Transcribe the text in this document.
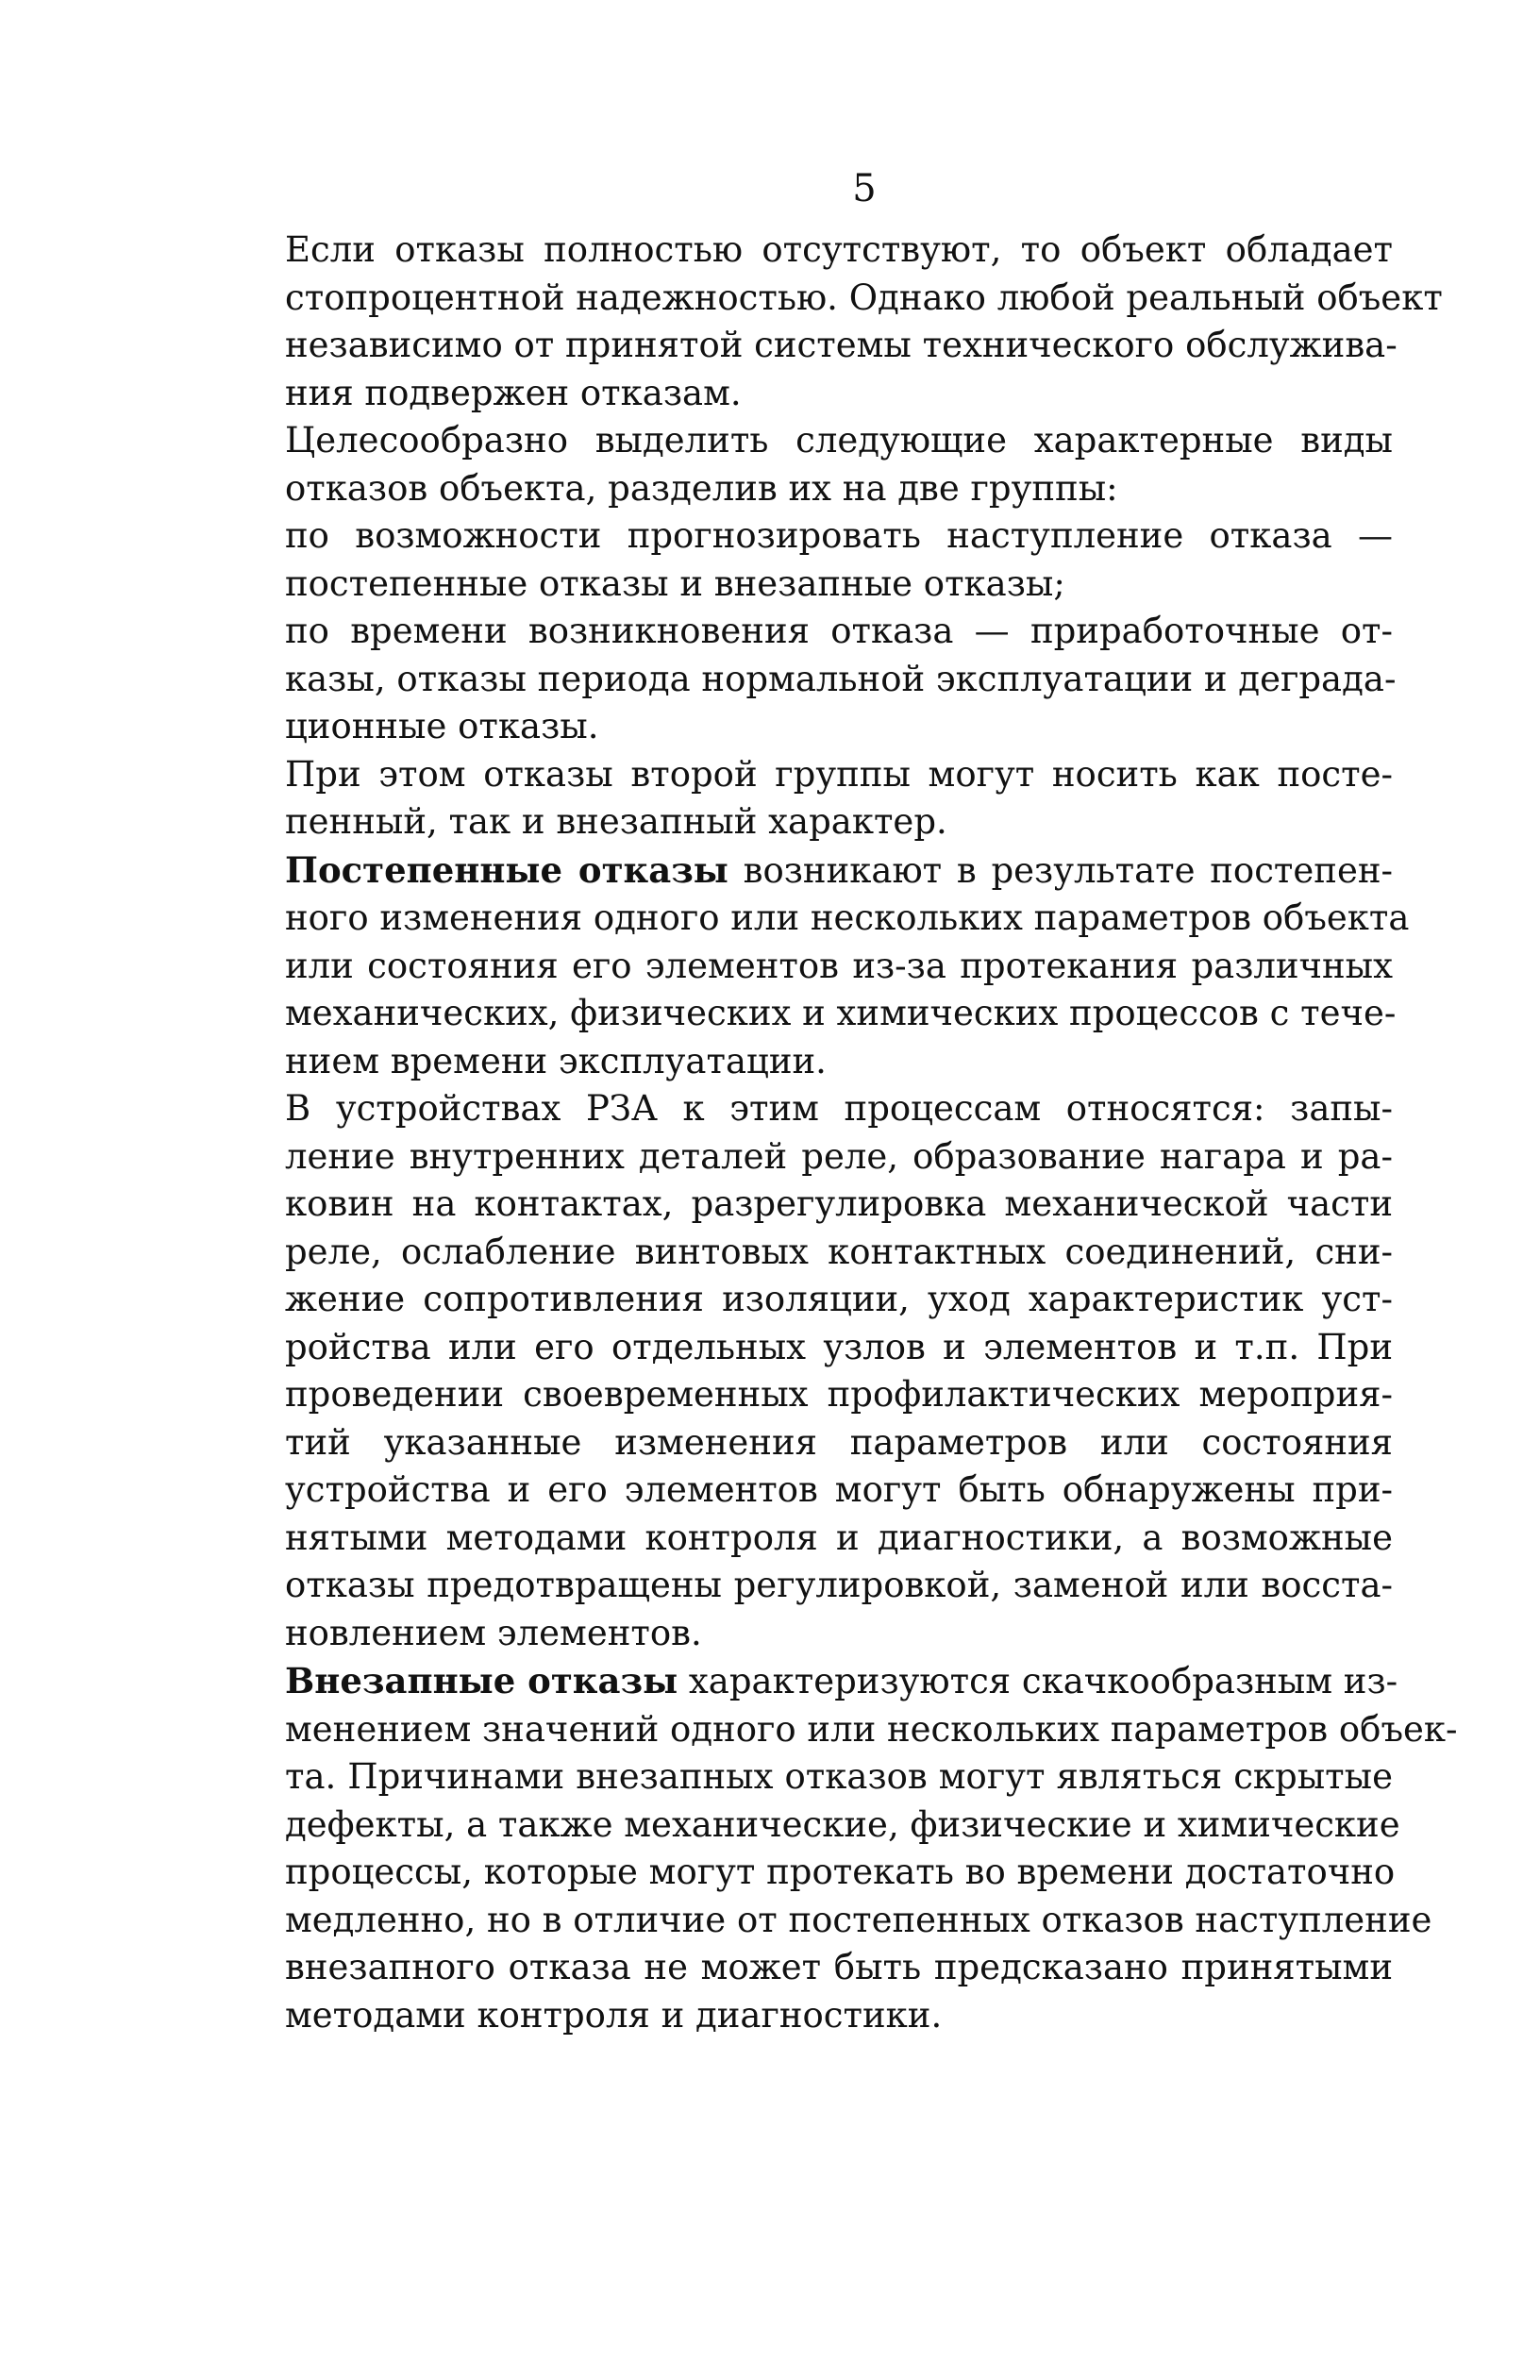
5

Если отказы полностью отсутствуют, то объект обладает
стопроцентной надежностью. Однако любой реальный объект
независимо от принятой системы технического обслужива-
ния подвержен отказам.

Целесообразно выделить следующие характерные виды
отказов объекта, разделив их на две группы:

по возможности прогнозировать наступление отказа —
постепенные отказы и внезапные отказы;

по времени возникновения отказа — приработочные от-
казы, отказы периода нормальной эксплуатации и деграда-
ционные отказы.

При этом отказы второй группы могут носить как посте-
пенный, так и внезапный характер.

Постепенные отказы возникают в результате постепен-
ного изменения одного или нескольких параметров объекта
или состояния его элементов из-за протекания различных
механических, физических и химических процессов с тече-
нием времени эксплуатации.

В устройствах РЗА к этим процессам относятся: запы-
ление внутренних деталей реле, образование нагара и ра-
ковин на контактах, разрегулировка механической части
реле, ослабление винтовых контактных соединений, сни-
жение сопротивления изоляции, уход характеристик уст-
ройства или его отдельных узлов и элементов и т.п. При
проведении своевременных профилактических мероприя-
тий указанные изменения параметров или состояния
устройства и его элементов могут быть обнаружены при-
нятыми методами контроля и диагностики, а возможные
отказы предотвращены регулировкой, заменой или восста-
новлением элементов.

Внезапные отказы характеризуются скачкообразным из-
менением значений одного или нескольких параметров объек-
та. Причинами внезапных отказов могут являться скрытые
дефекты, а также механические, физические и химические
процессы, которые могут протекать во времени достаточно
медленно, но в отличие от постепенных отказов наступление
внезапного отказа не может быть предсказано принятыми
методами контроля и диагностики.
